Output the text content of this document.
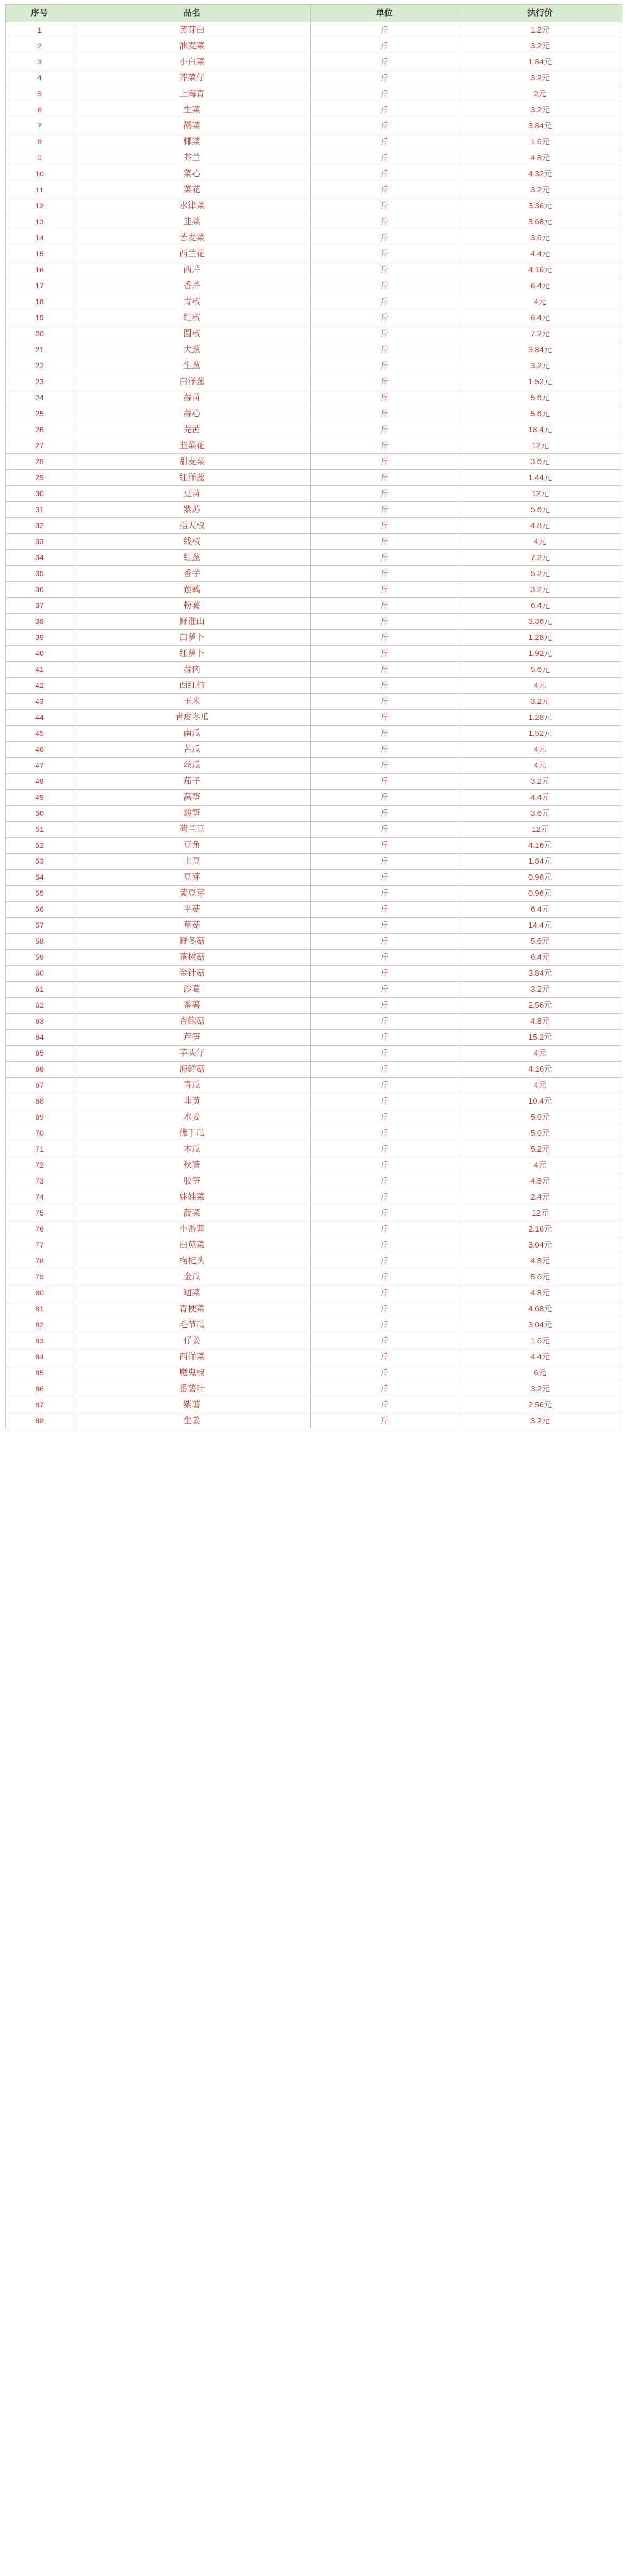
序号	品名	单位	执行价
1	黄芽白	斤	1.2元
2	油麦菜	斤	3.2元
3	小白菜	斤	1.84元
4	芥菜仔	斤	3.2元
5	上海青	斤	2元
6	生菜	斤	3.2元
7	潮菜	斤	3.84元
8	椰菜	斤	1.6元
9	芥兰	斤	4.8元
10	菜心	斤	4.32元
11	菜花	斤	3.2元
12	水律菜	斤	3.36元
13	韭菜	斤	3.68元
14	苦麦菜	斤	3.6元
15	西兰花	斤	4.4元
16	西芹	斤	4.16元
17	香芹	斤	6.4元
18	青椒	斤	4元
19	红椒	斤	6.4元
20	圆椒	斤	7.2元
21	大葱	斤	3.84元
22	生葱	斤	3.2元
23	白洋葱	斤	1.52元
24	蒜苗	斤	5.6元
25	蒜心	斤	5.6元
26	芫茜	斤	18.4元
27	韭菜花	斤	12元
28	甜麦菜	斤	3.6元
29	红洋葱	斤	1.44元
30	豆苗	斤	12元
31	紫苏	斤	5.6元
32	指天椒	斤	4.8元
33	线椒	斤	4元
34	红葱	斤	7.2元
35	香芋	斤	5.2元
36	莲藕	斤	3.2元
37	粉葛	斤	6.4元
38	鲜淮山	斤	3.36元
39	白萝卜	斤	1.28元
40	红萝卜	斤	1.92元
41	蒜肉	斤	5.6元
42	西红柿	斤	4元
43	玉米	斤	3.2元
44	青皮冬瓜	斤	1.28元
45	南瓜	斤	1.52元
46	苦瓜	斤	4元
47	丝瓜	斤	4元
48	茄子	斤	3.2元
49	莴笋	斤	4.4元
50	酸笋	斤	3.6元
51	荷兰豆	斤	12元
52	豆角	斤	4.16元
53	土豆	斤	1.84元
54	豆芽	斤	0.96元
55	黄豆芽	斤	0.96元
56	平菇	斤	6.4元
57	草菇	斤	14.4元
58	鲜冬菇	斤	5.6元
59	茶树菇	斤	6.4元
60	金针菇	斤	3.84元
61	沙葛	斤	3.2元
62	番薯	斤	2.56元
63	杏鲍菇	斤	4.8元
64	芦笋	斤	15.2元
65	芋头仔	斤	4元
66	海鲜菇	斤	4.16元
67	青瓜	斤	4元
68	韭黄	斤	10.4元
69	水姜	斤	5.6元
70	佛手瓜	斤	5.6元
71	木瓜	斤	5.2元
72	秋葵	斤	4元
73	胶笋	斤	4.8元
74	娃娃菜	斤	2.4元
75	菠菜	斤	12元
76	小番薯	斤	2.16元
77	白苋菜	斤	3.04元
78	枸杞头	斤	4.8元
79	金瓜	斤	5.6元
80	通菜	斤	4.8元
81	青梗菜	斤	4.08元
82	毛节瓜	斤	3.04元
83	仔姜	斤	1.6元
84	西洋菜	斤	4.4元
85	魔鬼椒	斤	6元
86	番薯叶	斤	3.2元
87	紫薯	斤	2.56元
88	生姜	斤	3.2元
